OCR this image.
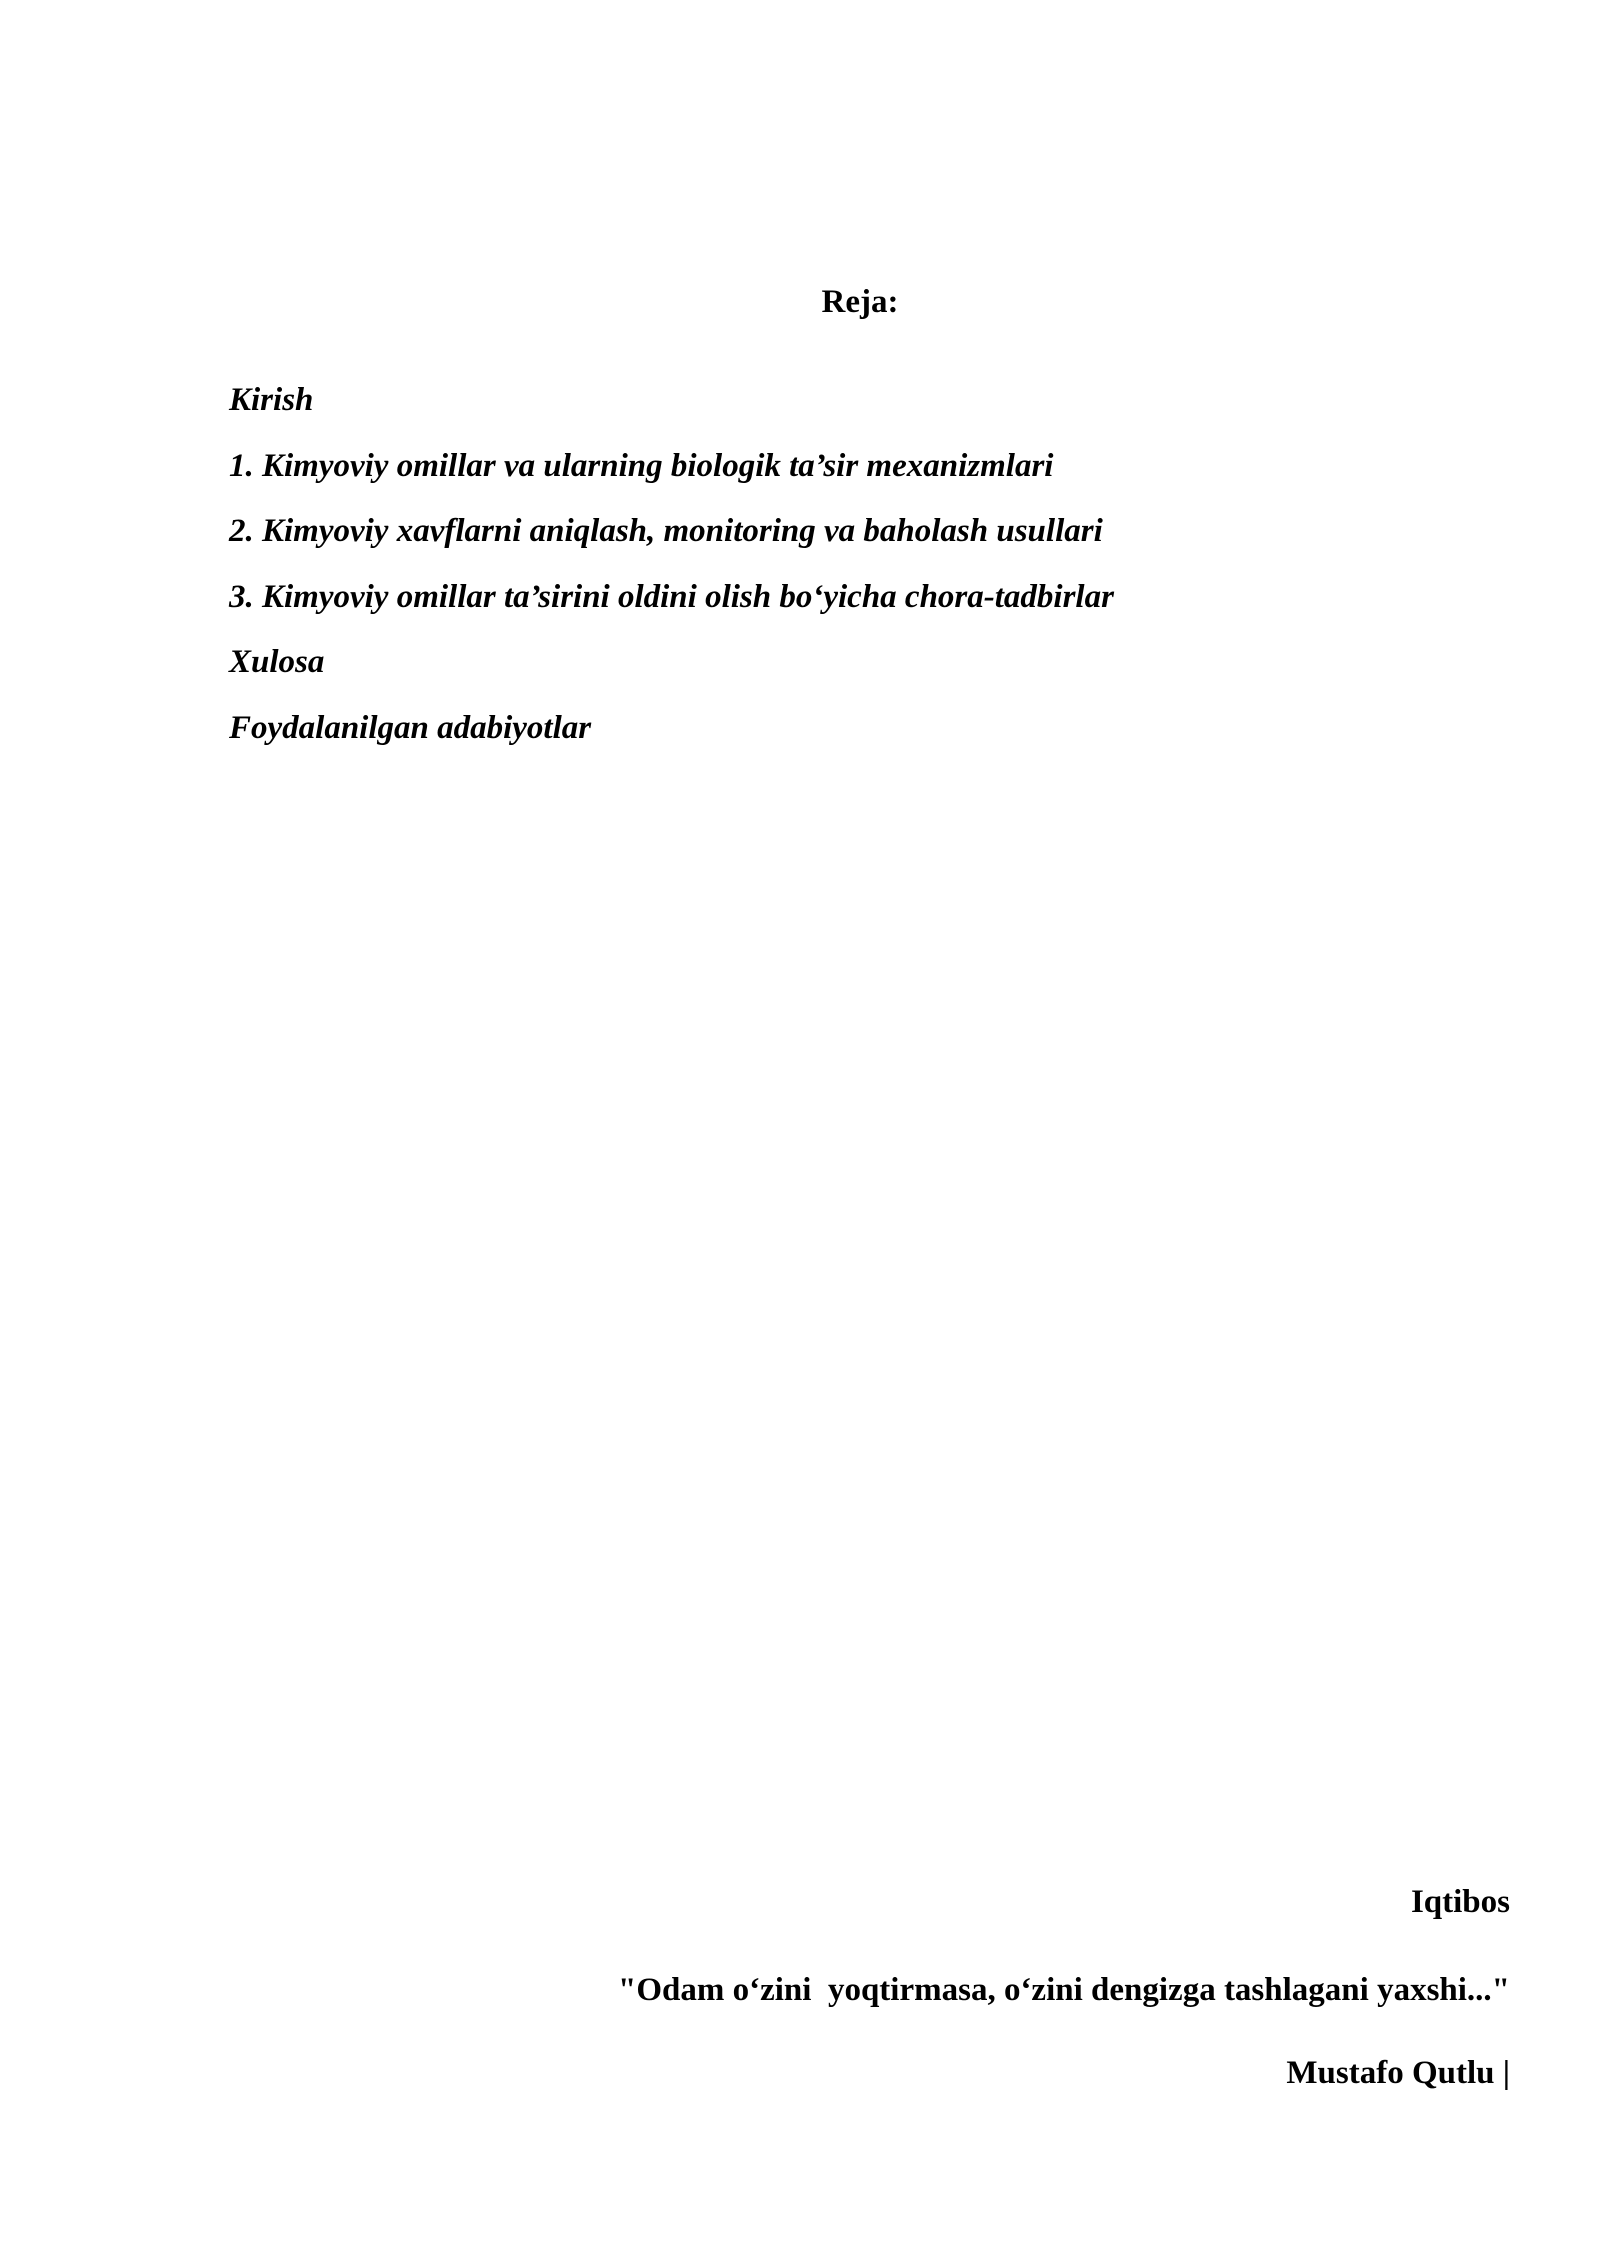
Reja:
Kirish
1. Kimyoviy omillar va ularning biologik ta’sir mexanizmlari
2. Kimyoviy xavflarni aniqlash, monitoring va baholash usullari
3. Kimyoviy omillar ta’sirini oldini olish bo‘yicha chora-tadbirlar
Xulosa
Foydalanilgan adabiyotlar

Iqtibos

"Odam o‘zini  yoqtirmasa, o‘zini dengizga tashlagani yaxshi..."

Mustafo Qutlu |
